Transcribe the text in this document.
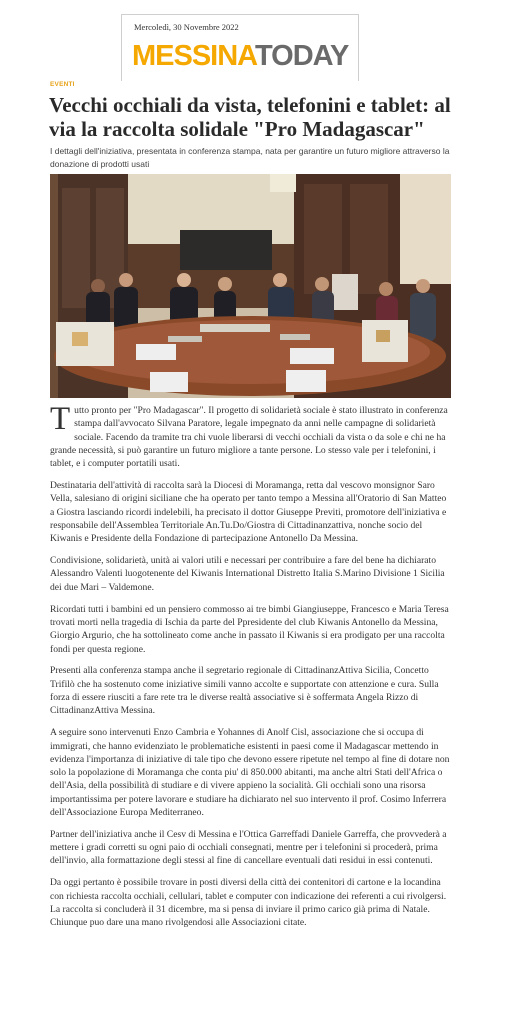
Mercoledì, 30 Novembre 2022
MESSINATODAY
EVENTI
Vecchi occhiali da vista, telefonini e tablet: al via la raccolta solidale "Pro Madagascar"

I dettagli dell'iniziativa, presentata in conferenza stampa, nata per garantire un futuro migliore attraverso la donazione di prodotti usati

Tutto pronto per "Pro Madagascar". Il progetto di solidarietà sociale è stato illustrato in conferenza stampa dall'avvocato Silvana Paratore, legale impegnato da anni nelle campagne di solidarietà sociale. Facendo da tramite tra chi vuole liberarsi di vecchi occhiali da vista o da sole e chi ne ha grande necessità, si può garantire un futuro migliore a tante persone. Lo stesso vale per i telefonini, i tablet, e i computer portatili usati.

Destinataria dell'attività di raccolta sarà la Diocesi di Moramanga, retta dal vescovo monsignor Saro Vella, salesiano di origini siciliane che ha operato per tanto tempo a Messina all'Oratorio di San Matteo a Giostra lasciando ricordi indelebili, ha precisato il dottor Giuseppe Previti, promotore dell'iniziativa e responsabile dell'Assemblea Territoriale An.Tu.Do/Giostra di Cittadinanzattiva, nonche socio del Kiwanis e Presidente della Fondazione di partecipazione Antonello Da Messina.

Condivisione, solidarietà, unità ai valori utili e necessari per contribuire a fare del bene ha dichiarato Alessandro Valenti luogotenente del Kiwanis International Distretto Italia S.Marino Divisione 1 Sicilia dei due Mari – Valdemone.

Ricordati tutti i bambini ed un pensiero commosso ai tre bimbi Giangiuseppe, Francesco e Maria Teresa trovati morti nella tragedia di Ischia da parte del Ppresidente del club Kiwanis Antonello da Messina, Giorgio Argurio, che ha sottolineato come anche in passato il Kiwanis si era prodigato per una raccolta fondi per questa regione.

Presenti alla conferenza stampa anche il segretario regionale di CittadinanzAttiva Sicilia, Concetto Trifilò che ha sostenuto come iniziative simili vanno accolte e supportate con attenzione e cura. Sulla forza di essere riusciti a fare rete tra le diverse realtà associative si è soffermata Angela Rizzo di CittadinanzAttiva Messina.

A seguire sono intervenuti Enzo Cambria e Yohannes di Anolf Cisl, associazione che si occupa di immigrati, che hanno evidenziato le problematiche esistenti in paesi come il Madagascar mettendo in evidenza l'importanza di iniziative di tale tipo che devono essere ripetute nel tempo al fine di dotare non solo la popolazione di Moramanga che conta piu' di 850.000 abitanti, ma anche altri Stati dell'Africa o dell'Asia, della possibilità di studiare e di vivere appieno la socialità. Gli occhiali sono una risorsa importantissima per potere lavorare e studiare ha dichiarato nel suo intervento il prof. Cosimo Inferrera dell'Associazione Europa Mediterraneo.

Partner dell'iniziativa anche il Cesv di Messina e l'Ottica Garreffadi Daniele Garreffa, che provvederà a mettere i gradi corretti su ogni paio di occhiali consegnati, mentre per i telefonini si procederà, prima dell'invio, alla formattazione degli stessi al fine di cancellare eventuali dati residui in essi contenuti.

Da oggi pertanto è possibile trovare in posti diversi della città dei contenitori di cartone e la locandina con richiesta raccolta occhiali, cellulari, tablet e computer con indicazione dei referenti a cui rivolgersi. La raccolta si concluderà il 31 dicembre, ma si pensa di inviare il primo carico già prima di Natale. Chiunque puo dare una mano rivolgendosi alle Associazioni citate.
